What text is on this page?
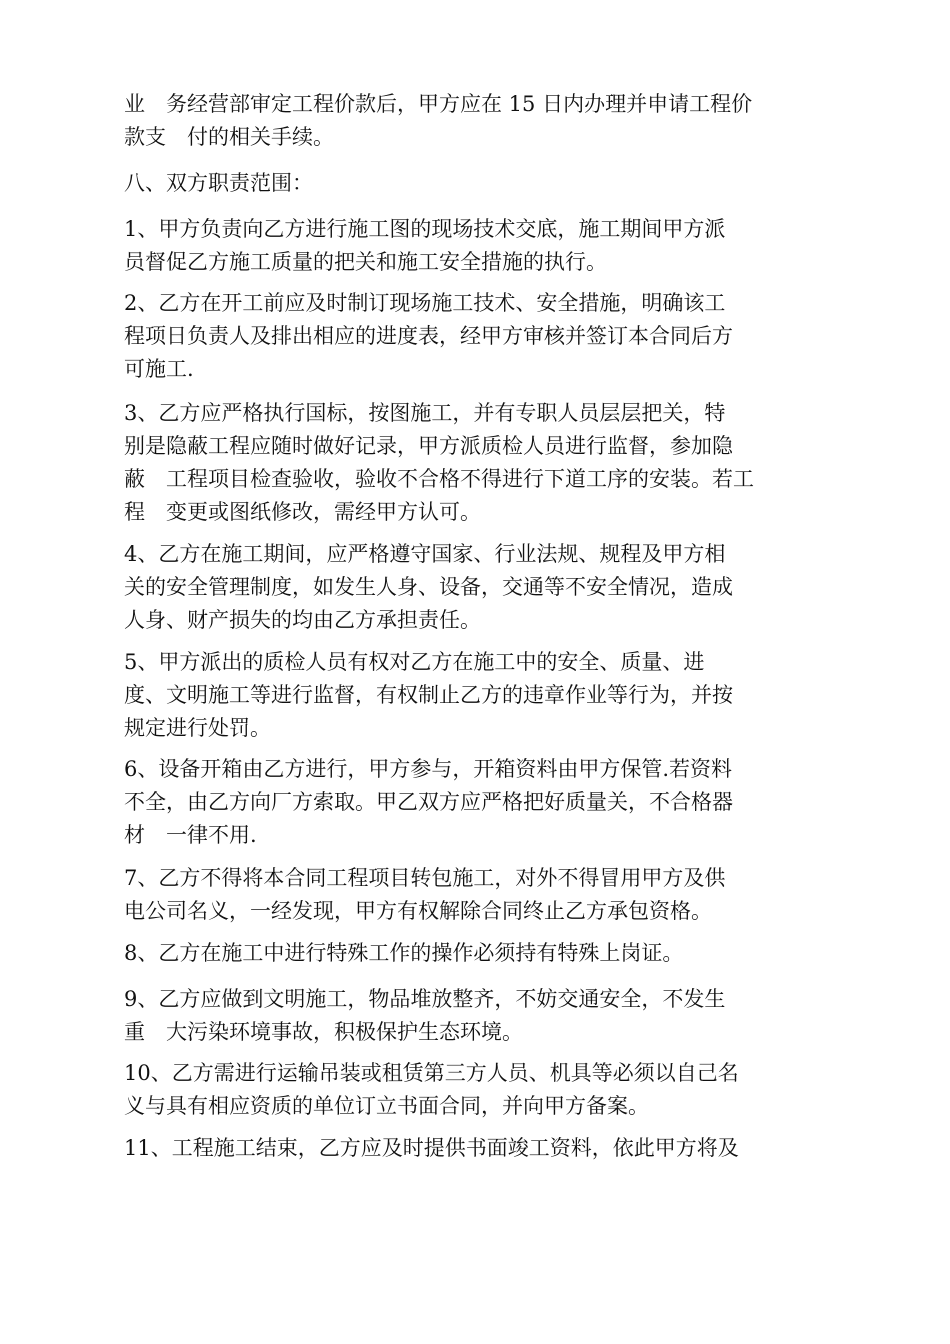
业　务经营部审定工程价款后，甲方应在 15 日内办理并申请工程价
款支　付的相关手续。
八、双方职责范围：
1、甲方负责向乙方进行施工图的现场技术交底，施工期间甲方派
员督促乙方施工质量的把关和施工安全措施的执行。
2、乙方在开工前应及时制订现场施工技术、安全措施，明确该工
程项日负责人及排出相应的进度表，经甲方审核并签订本合同后方
可施工.
3、乙方应严格执行国标，按图施工，并有专职人员层层把关，特
别是隐蔽工程应随时做好记录，甲方派质检人员进行监督，参加隐
蔽　工程项目检查验收，验收不合格不得进行下道工序的安装。若工
程　变更或图纸修改，需经甲方认可。
4、乙方在施工期间，应严格遵守国家、行业法规、规程及甲方相
关的安全管理制度，如发生人身、设备，交通等不安全情况，造成
人身、财产损失的均由乙方承担责任。
5、甲方派出的质检人员有权对乙方在施工中的安全、质量、进
度、文明施工等进行监督，有权制止乙方的违章作业等行为，并按
规定进行处罚。
6、设备开箱由乙方进行，甲方参与，开箱资料由甲方保管.若资料
不全，由乙方向厂方索取。甲乙双方应严格把好质量关，不合格器
材　一律不用.
7、乙方不得将本合同工程项目转包施工，对外不得冒用甲方及供
电公司名义，一经发现，甲方有权解除合同终止乙方承包资格。
8、乙方在施工中进行特殊工作的操作必须持有特殊上岗证。
9、乙方应做到文明施工，物品堆放整齐，不妨交通安全，不发生
重　大污染环境事故，积极保护生态环境。
10、乙方需进行运输吊装或租赁第三方人员、机具等必须以自己名
义与具有相应资质的单位订立书面合同，并向甲方备案。
11、工程施工结束，乙方应及时提供书面竣工资料，依此甲方将及
